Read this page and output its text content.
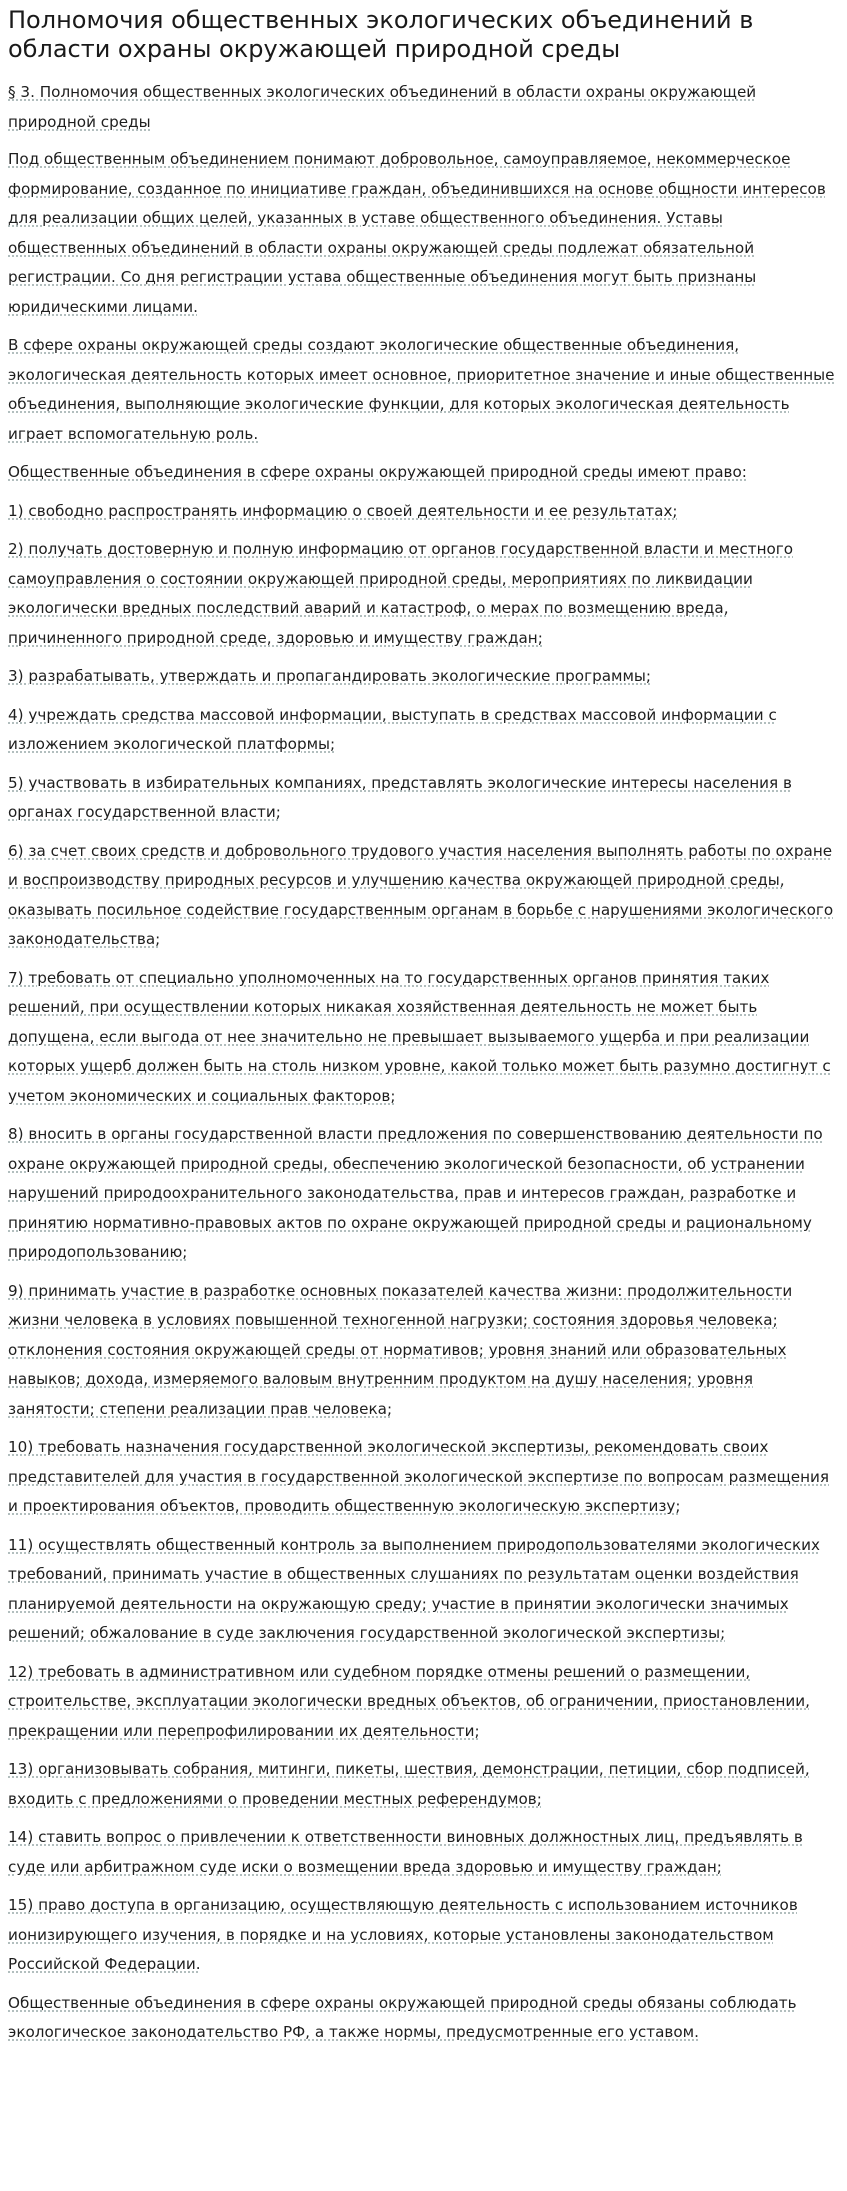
Полномочия общественных экологических объединений в области охраны окружающей природной среды

§ 3. Полномочия общественных экологических объединений в области охраны окружающей природной среды

Под общественным объединением понимают добровольное, самоуправляемое, некоммерческое формирование, созданное по инициативе граждан, объединившихся на основе общности интересов для реализации общих целей, указанных в уставе общественного объединения. Уставы общественных объединений в области охраны окружающей среды подлежат обязательной регистрации. Со дня регистрации устава общественные объединения могут быть признаны юридическими лицами.

В сфере охраны окружающей среды создают экологические общественные объединения, экологическая деятельность которых имеет основное, приоритетное значение и иные общественные объединения, выполняющие экологические функции, для которых экологическая деятельность играет вспомогательную роль.

Общественные объединения в сфере охраны окружающей природной среды имеют право:

1) свободно распространять информацию о своей деятельности и ее результатах;

2) получать достоверную и полную информацию от органов государственной власти и местного самоуправления о состоянии окружающей природной среды, мероприятиях по ликвидации экологически вредных последствий аварий и катастроф, о мерах по возмещению вреда, причиненного природной среде, здоровью и имуществу граждан;

3) разрабатывать, утверждать и пропагандировать экологические программы;

4) учреждать средства массовой информации, выступать в средствах массовой информации с изложением экологической платформы;

5) участвовать в избирательных компаниях, представлять экологические интересы населения в органах государственной власти;

6) за счет своих средств и добровольного трудового участия населения выполнять работы по охране и воспроизводству природных ресурсов и улучшению качества окружающей природной среды, оказывать посильное содействие государственным органам в борьбе с нарушениями экологического законодательства;

7) требовать от специально уполномоченных на то государственных органов принятия таких решений, при осуществлении которых никакая хозяйственная деятельность не может быть допущена, если выгода от нее значительно не превышает вызываемого ущерба и при реализации которых ущерб должен быть на столь низком уровне, какой только может быть разумно достигнут с учетом экономических и социальных факторов;

8) вносить в органы государственной власти предложения по совершенствованию деятельности по охране окружающей природной среды, обеспечению экологической безопасности, об устранении нарушений природоохранительного законодательства, прав и интересов граждан, разработке и принятию нормативно-правовых актов по охране окружающей природной среды и рациональному природопользованию;

9) принимать участие в разработке основных показателей качества жизни: продолжительности жизни человека в условиях повышенной техногенной нагрузки; состояния здоровья человека; отклонения состояния окружающей среды от нормативов; уровня знаний или образовательных навыков; дохода, измеряемого валовым внутренним продуктом на душу населения; уровня занятости; степени реализации прав человека;

10) требовать назначения государственной экологической экспертизы, рекомендовать своих представителей для участия в государственной экологической экспертизе по вопросам размещения и проектирования объектов, проводить общественную экологическую экспертизу;

11) осуществлять общественный контроль за выполнением природопользователями экологических требований, принимать участие в общественных слушаниях по результатам оценки воздействия планируемой деятельности на окружающую среду; участие в принятии экологически значимых решений; обжалование в суде заключения государственной экологической экспертизы;

12) требовать в административном или судебном порядке отмены решений о размещении, строительстве, эксплуатации экологически вредных объектов, об ограничении, приостановлении, прекращении или перепрофилировании их деятельности;

13) организовывать собрания, митинги, пикеты, шествия, демонстрации, петиции, сбор подписей, входить с предложениями о проведении местных референдумов;

14) ставить вопрос о привлечении к ответственности виновных должностных лиц, предъявлять в суде или арбитражном суде иски о возмещении вреда здоровью и имуществу граждан;

15) право доступа в организацию, осуществляющую деятельность с использованием источников ионизирующего изучения, в порядке и на условиях, которые установлены законодательством Российской Федерации.

Общественные объединения в сфере охраны окружающей природной среды обязаны соблюдать экологическое законодательство РФ, а также нормы, предусмотренные его уставом.
